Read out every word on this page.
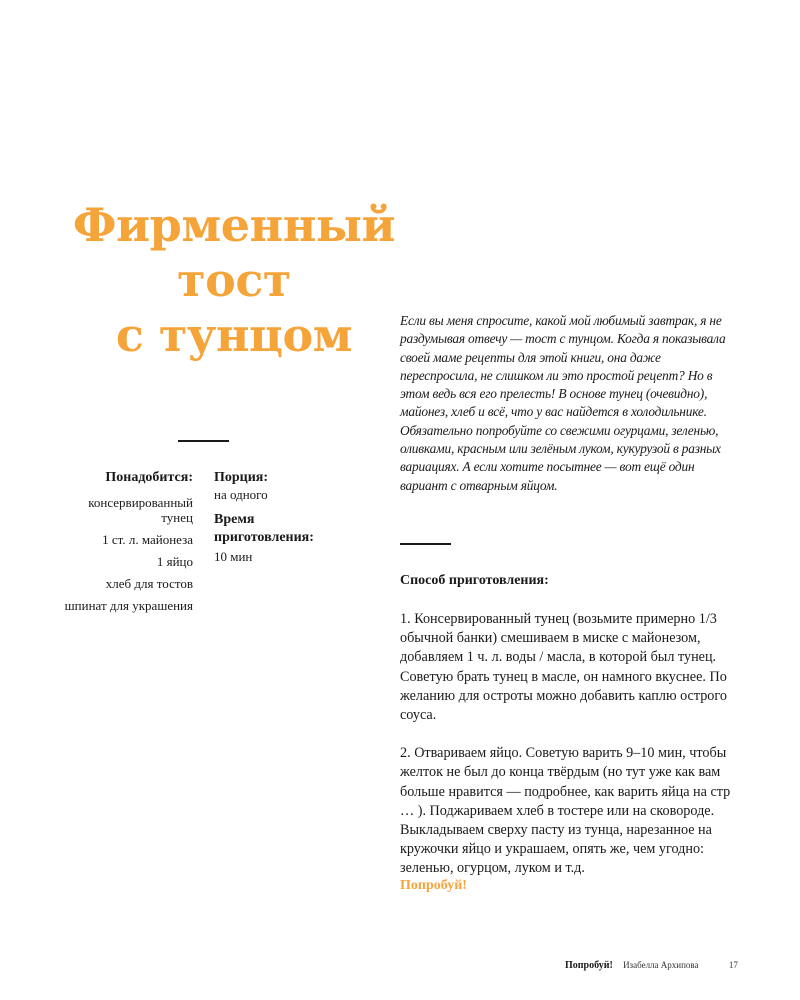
Фирменный
тост
с тунцом
Понадобится:
консервированный тунец
1 ст. л. майонеза
1 яйцо
хлеб для тостов
шпинат для украшения
Порция:
на одного
Время приготовления:
10 мин
Если вы меня спросите, какой мой любимый завтрак, я не раздумывая отвечу — тост с тунцом. Когда я показывала своей маме рецепты для этой книги, она даже переспросила, не слишком ли это простой рецепт? Но в этом ведь вся его прелесть! В основе тунец (очевидно), майонез, хлеб и всё, что у вас найдется в холодильнике. Обязательно попробуйте со свежими огурцами, зеленью, оливками, красным или зелёным луком, кукурузой в разных вариациях. А если хотите посытнее — вот ещё один вариант с отварным яйцом.
Способ приготовления:

1. Консервированный тунец (возьмите примерно 1/3 обычной банки) смешиваем в миске с майонезом, добавляем 1 ч. л. воды / масла, в которой был тунец. Советую брать тунец в масле, он намного вкуснее. По желанию для остроты можно добавить каплю острого соуса.

2. Отвариваем яйцо. Советую варить 9–10 мин, чтобы желток не был до конца твёрдым (но тут уже как вам больше нравится — подробнее, как варить яйца на стр … ). Поджариваем хлеб в тостере или на сковороде. Выкладываем сверху пасту из тунца, нарезанное на кружочки яйцо и украшаем, опять же, чем угодно: зеленью, огурцом, луком и т.д.

Попробуй!
Попробуй! Изабелла Архипова	17
